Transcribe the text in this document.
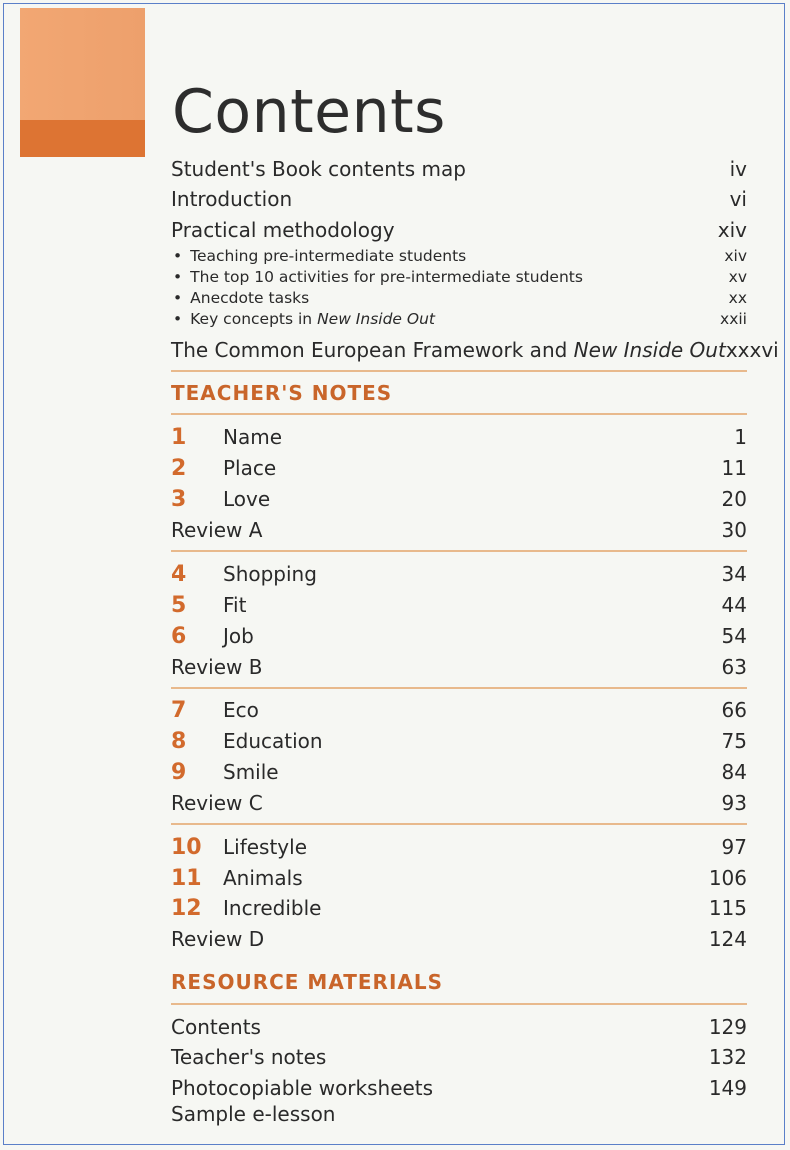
Contents
Student's Book contents map	iv
Introduction	vi
Practical methodology	xiv
• Teaching pre-intermediate students	xiv
• The top 10 activities for pre-intermediate students	xv
• Anecdote tasks	xx
• Key concepts in New Inside Out	xxii
The Common European Framework and New Inside Out xxxvi
TEACHER'S NOTES
1	Name	1
2	Place	11
3	Love	20
Review A	30
4	Shopping	34
5	Fit	44
6	Job	54
Review B	63
7	Eco	66
8	Education	75
9	Smile	84
Review C	93
10	Lifestyle	97
11	Animals	106
12	Incredible	115
Review D	124
RESOURCE MATERIALS
Contents	129
Teacher's notes	132
Photocopiable worksheets	149
Sample e-lesson
